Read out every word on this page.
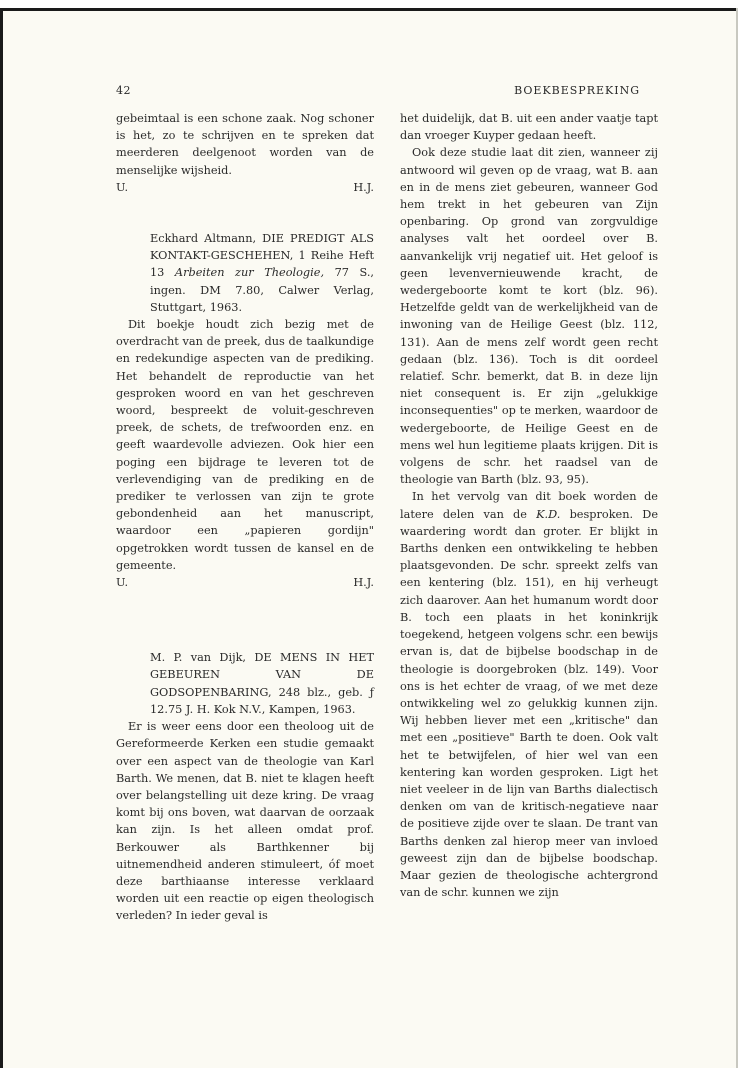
42	BOEKBESPREKING

gebeimtaal is een schone zaak. Nog schoner is het, zo te schrijven en te spreken dat meerderen deelgenoot worden van de menselijke wijsheid.

U.	H.J.

Eckhard Altmann, DIE PREDIGT ALS KONTAKT-GESCHEHEN, 1 Reihe Heft 13 Arbeiten zur Theologie, 77 S., ingen. DM 7.80, Calwer Verlag, Stuttgart, 1963.

Dit boekje houdt zich bezig met de overdracht van de preek, dus de taalkundige en redekundige aspecten van de prediking. Het behandelt de reproductie van het gesproken woord en van het geschreven woord, bespreekt de voluit-geschreven preek, de schets, de trefwoorden enz. en geeft waardevolle adviezen. Ook hier een poging een bijdrage te leveren tot de verlevendiging van de prediking en de prediker te verlossen van zijn te grote gebondenheid aan het manuscript, waardoor een „papieren gordijn" opgetrokken wordt tussen de kansel en de gemeente.

U.	H.J.

M. P. van Dijk, DE MENS IN HET GEBEUREN VAN DE GODSOPENBARING, 248 blz., geb. ƒ 12.75 J. H. Kok N.V., Kampen, 1963.

Er is weer eens door een theoloog uit de Gereformeerde Kerken een studie gemaakt over een aspect van de theologie van Karl Barth. We menen, dat B. niet te klagen heeft over belangstelling uit deze kring. De vraag komt bij ons boven, wat daarvan de oorzaak kan zijn. Is het alleen omdat prof. Berkouwer als Barthkenner bij uitnemendheid anderen stimuleert, óf moet deze barthiaanse interesse verklaard worden uit een reactie op eigen theologisch verleden? In ieder geval is

het duidelijk, dat B. uit een ander vaatje tapt dan vroeger Kuyper gedaan heeft.

Ook deze studie laat dit zien, wanneer zij antwoord wil geven op de vraag, wat B. aan en in de mens ziet gebeuren, wanneer God hem trekt in het gebeuren van Zijn openbaring. Op grond van zorgvuldige analyses valt het oordeel over B. aanvankelijk vrij negatief uit. Het geloof is geen levenvernieuwende kracht, de wedergeboorte komt te kort (blz. 96). Hetzelfde geldt van de werkelijkheid van de inwoning van de Heilige Geest (blz. 112, 131). Aan de mens zelf wordt geen recht gedaan (blz. 136). Toch is dit oordeel relatief. Schr. bemerkt, dat B. in deze lijn niet consequent is. Er zijn „gelukkige inconsequenties" op te merken, waardoor de wedergeboorte, de Heilige Geest en de mens wel hun legitieme plaats krijgen. Dit is volgens de schr. het raadsel van de theologie van Barth (blz. 93, 95).

In het vervolg van dit boek worden de latere delen van de K.D. besproken. De waardering wordt dan groter. Er blijkt in Barths denken een ontwikkeling te hebben plaatsgevonden. De schr. spreekt zelfs van een kentering (blz. 151), en hij verheugt zich daarover. Aan het humanum wordt door B. toch een plaats in het koninkrijk toegekend, hetgeen volgens schr. een bewijs ervan is, dat de bijbelse boodschap in de theologie is doorgebroken (blz. 149). Voor ons is het echter de vraag, of we met deze ontwikkeling wel zo gelukkig kunnen zijn. Wij hebben liever met een „kritische" dan met een „positieve" Barth te doen. Ook valt het te betwijfelen, of hier wel van een kentering kan worden gesproken. Ligt het niet veeleer in de lijn van Barths dialectisch denken om van de kritisch-negatieve naar de positieve zijde over te slaan. De trant van Barths denken zal hierop meer van invloed geweest zijn dan de bijbelse boodschap. Maar gezien de theologische achtergrond van de schr. kunnen we zijn
